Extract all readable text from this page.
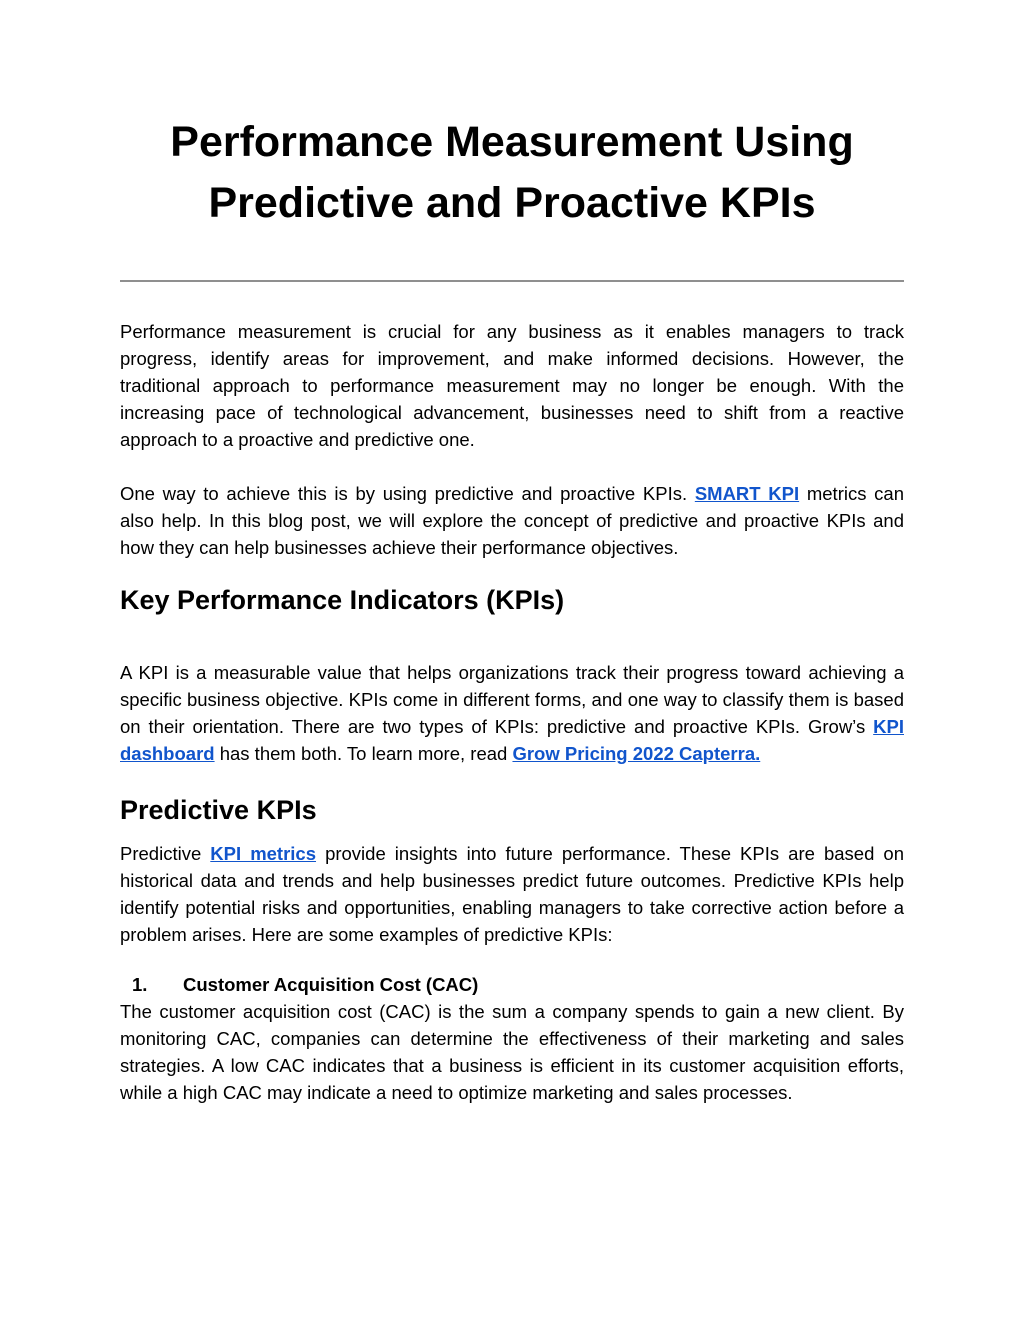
Performance Measurement Using Predictive and Proactive KPIs

Performance measurement is crucial for any business as it enables managers to track progress, identify areas for improvement, and make informed decisions. However, the traditional approach to performance measurement may no longer be enough. With the increasing pace of technological advancement, businesses need to shift from a reactive approach to a proactive and predictive one.

One way to achieve this is by using predictive and proactive KPIs. SMART KPI metrics can also help. In this blog post, we will explore the concept of predictive and proactive KPIs and how they can help businesses achieve their performance objectives.

Key Performance Indicators (KPIs)

A KPI is a measurable value that helps organizations track their progress toward achieving a specific business objective. KPIs come in different forms, and one way to classify them is based on their orientation. There are two types of KPIs: predictive and proactive KPIs. Grow’s KPI dashboard has them both. To learn more, read Grow Pricing 2022 Capterra.

Predictive KPIs

Predictive KPI metrics provide insights into future performance. These KPIs are based on historical data and trends and help businesses predict future outcomes. Predictive KPIs help identify potential risks and opportunities, enabling managers to take corrective action before a problem arises. Here are some examples of predictive KPIs:

1.	Customer Acquisition Cost (CAC)

The customer acquisition cost (CAC) is the sum a company spends to gain a new client. By monitoring CAC, companies can determine the effectiveness of their marketing and sales strategies. A low CAC indicates that a business is efficient in its customer acquisition efforts, while a high CAC may indicate a need to optimize marketing and sales processes.
